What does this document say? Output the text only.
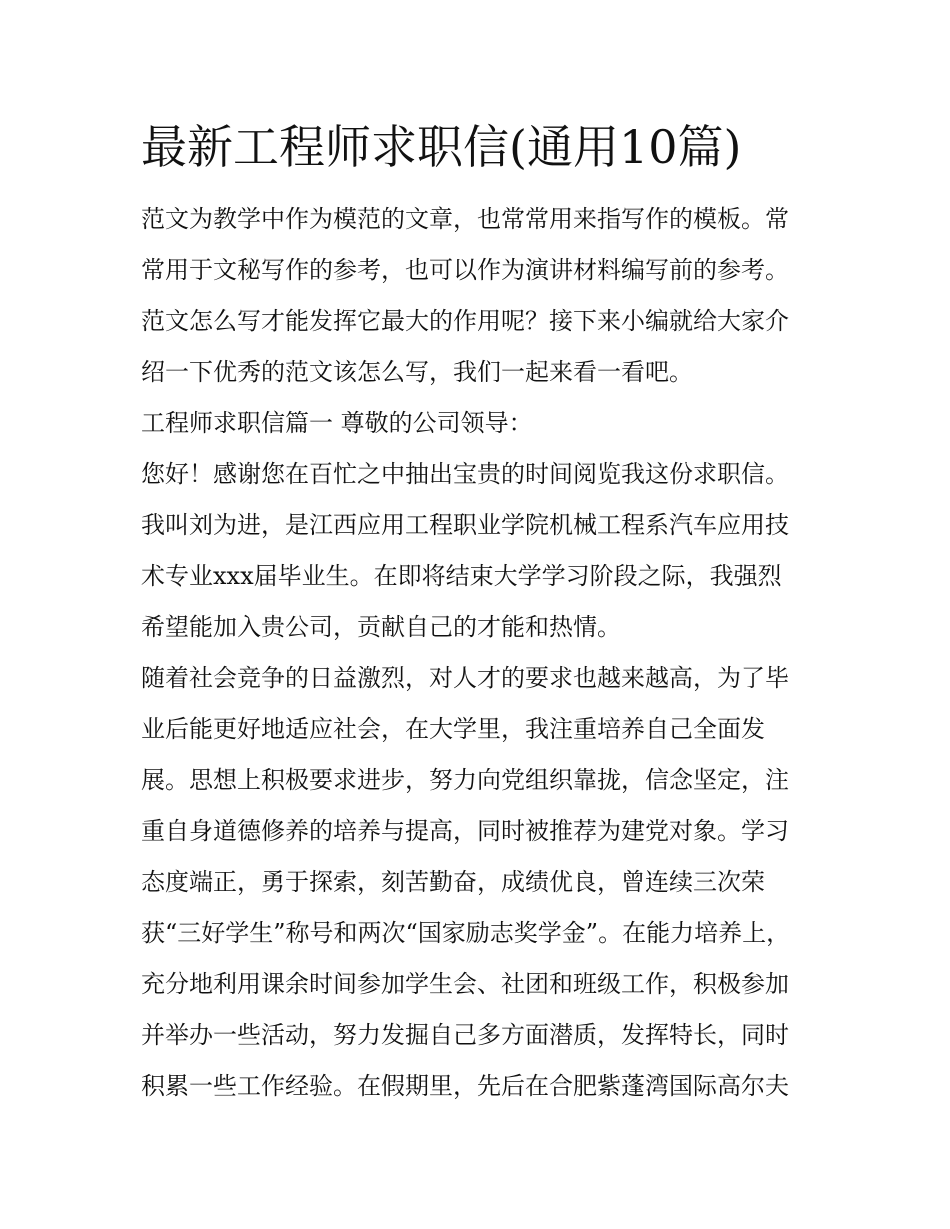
最新工程师求职信(通用10篇)

范文为教学中作为模范的文章，也常常用来指写作的模板。常

常用于文秘写作的参考，也可以作为演讲材料编写前的参考。

范文怎么写才能发挥它最大的作用呢？接下来小编就给大家介

绍一下优秀的范文该怎么写，我们一起来看一看吧。

工程师求职信篇一 尊敬的公司领导：

您好！感谢您在百忙之中抽出宝贵的时间阅览我这份求职信。

我叫刘为进，是江西应用工程职业学院机械工程系汽车应用技

术专业xxx届毕业生。在即将结束大学学习阶段之际，我强烈

希望能加入贵公司，贡献自己的才能和热情。

随着社会竞争的日益激烈，对人才的要求也越来越高，为了毕

业后能更好地适应社会，在大学里，我注重培养自己全面发

展。思想上积极要求进步，努力向党组织靠拢，信念坚定，注

重自身道德修养的培养与提高，同时被推荐为建党对象。学习

态度端正，勇于探索，刻苦勤奋，成绩优良，曾连续三次荣

获“三好学生”称号和两次“国家励志奖学金”。在能力培养上，

充分地利用课余时间参加学生会、社团和班级工作，积极参加

并举办一些活动，努力发掘自己多方面潜质，发挥特长，同时

积累一些工作经验。在假期里，先后在合肥紫蓬湾国际高尔夫
